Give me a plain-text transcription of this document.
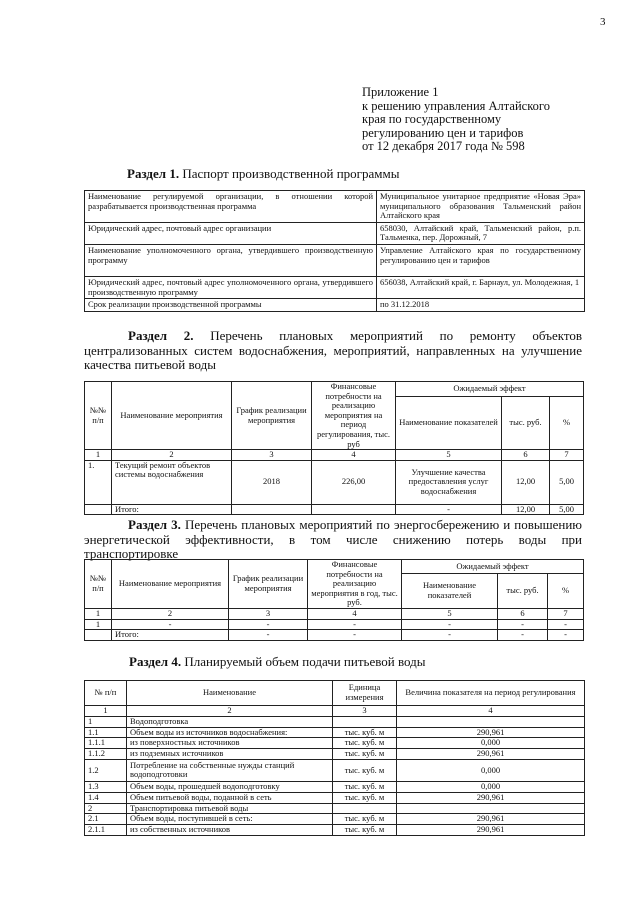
3
Приложение 1
к решению управления Алтайского
края по государственному
регулированию цен и тарифов
от 12 декабря 2017 года № 598
Раздел 1. Паспорт производственной программы
Наименование регулируемой организации, в отношении которой разрабатывается производственная программа	Муниципальное унитарное предприятие «Новая Эра» муниципального образования Тальменский район Алтайского края
Юридический адрес, почтовый адрес организации	658030, Алтайский край, Тальменский район, р.п. Тальменка, пер. Дорожный, 7
Наименование уполномоченного органа, утвердившего производственную программу	Управление Алтайского края по государственному регулированию цен и тарифов
Юридический адрес, почтовый адрес уполномоченного органа, утвердившего производственную программу	656038, Алтайский край, г. Барнаул, ул. Молодежная, 1
Срок реализации производственной программы	по 31.12.2018
Раздел 2. Перечень плановых мероприятий по ремонту объектов централизованных систем водоснабжения, мероприятий, направленных на улучшение качества питьевой воды
№№ п/п	Наименование мероприятия	График реализации мероприятия	Финансовые потребности на реализацию мероприятия на период регулирования, тыс. руб	Ожидаемый эффект		
				Наименование показателей	тыс. руб.	%
1	2	3	4	5	6	7
1.	Текущий ремонт объектов системы водоснабжения	2018	226,00	Улучшение качества предоставления услуг водоснабжения	12,00	5,00
	Итого:			-	12,00	5,00
Раздел 3. Перечень плановых мероприятий по энергосбережению и повышению энергетической эффективности, в том числе снижению потерь воды при транспортировке
№№ п/п	Наименование мероприятия	График реализации мероприятия	Финансовые потребности на реализацию мероприятия в год, тыс. руб.	Ожидаемый эффект		
				Наименование показателей	тыс. руб.	%
1	2	3	4	5	6	7
1	-	-	-	-	-	-
	Итого:	-	-	-	-	-
Раздел 4. Планируемый объем подачи питьевой воды
№ п/п	Наименование	Единица измерения	Величина показателя на период регулирования
1	2	3	4
1	Водоподготовка		
1.1	Объем воды из источников водоснабжения:	тыс. куб. м	290,961
1.1.1	из поверхностных источников	тыс. куб. м	0,000
1.1.2	из подземных источников	тыс. куб. м	290,961
1.2	Потребление на собственные нужды станций водоподготовки	тыс. куб. м	0,000
1.3	Объем воды, прошедшей водоподготовку	тыс. куб. м	0,000
1.4	Объем питьевой воды, поданной в сеть	тыс. куб. м	290,961
2	Транспортировка питьевой воды		
2.1	Объем воды, поступившей в сеть:	тыс. куб. м	290,961
2.1.1	из собственных источников	тыс. куб. м	290,961
